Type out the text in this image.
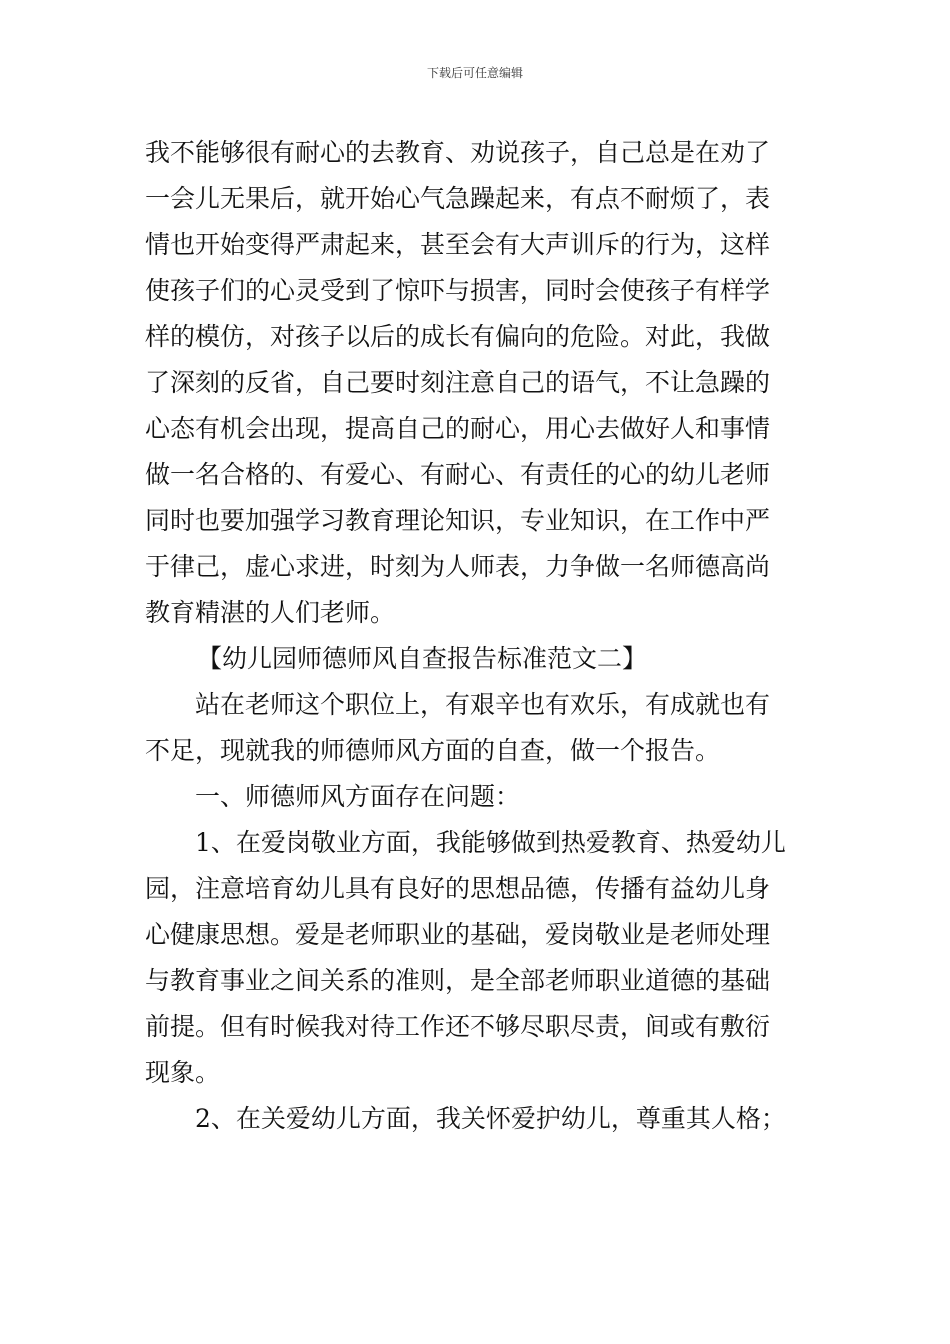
下载后可任意编辑
我不能够很有耐心的去教育、劝说孩子，自己总是在劝了
一会儿无果后，就开始心气急躁起来，有点不耐烦了，表
情也开始变得严肃起来，甚至会有大声训斥的行为，这样
使孩子们的心灵受到了惊吓与损害，同时会使孩子有样学
样的模仿，对孩子以后的成长有偏向的危险。对此，我做
了深刻的反省，自己要时刻注意自己的语气，不让急躁的
心态有机会出现，提高自己的耐心，用心去做好人和事情
做一名合格的、有爱心、有耐心、有责任的心的幼儿老师
同时也要加强学习教育理论知识，专业知识，在工作中严
于律己，虚心求进，时刻为人师表，力争做一名师德高尚
教育精湛的人们老师。
【幼儿园师德师风自查报告标准范文二】
站在老师这个职位上，有艰辛也有欢乐，有成就也有
不足，现就我的师德师风方面的自查，做一个报告。
一、师德师风方面存在问题：
1、在爱岗敬业方面，我能够做到热爱教育、热爱幼儿
园，注意培育幼儿具有良好的思想品德，传播有益幼儿身
心健康思想。爱是老师职业的基础，爱岗敬业是老师处理
与教育事业之间关系的准则，是全部老师职业道德的基础
前提。但有时候我对待工作还不够尽职尽责，间或有敷衍
现象。
2、在关爱幼儿方面，我关怀爱护幼儿，尊重其人格；
